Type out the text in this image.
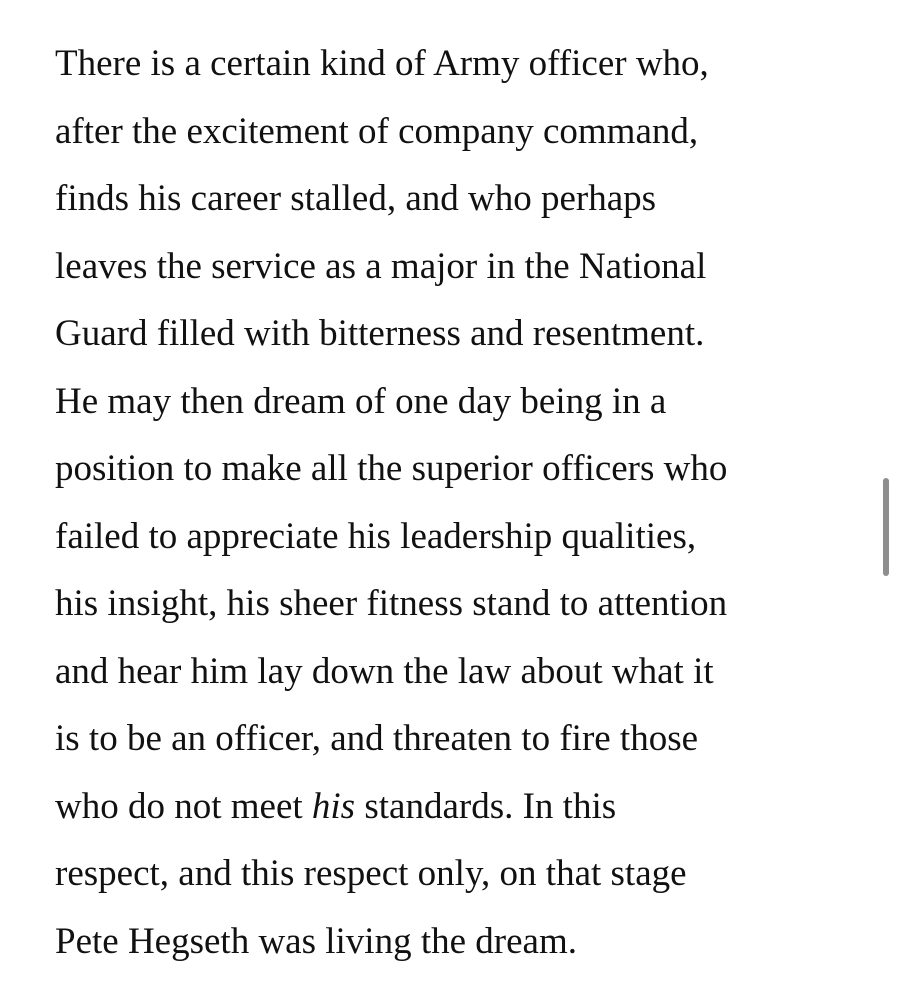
There is a certain kind of Army officer who,
after the excitement of company command,
finds his career stalled, and who perhaps
leaves the service as a major in the National
Guard filled with bitterness and resentment.
He may then dream of one day being in a
position to make all the superior officers who
failed to appreciate his leadership qualities,
his insight, his sheer fitness stand to attention
and hear him lay down the law about what it
is to be an officer, and threaten to fire those
who do not meet his standards. In this
respect, and this respect only, on that stage
Pete Hegseth was living the dream.
